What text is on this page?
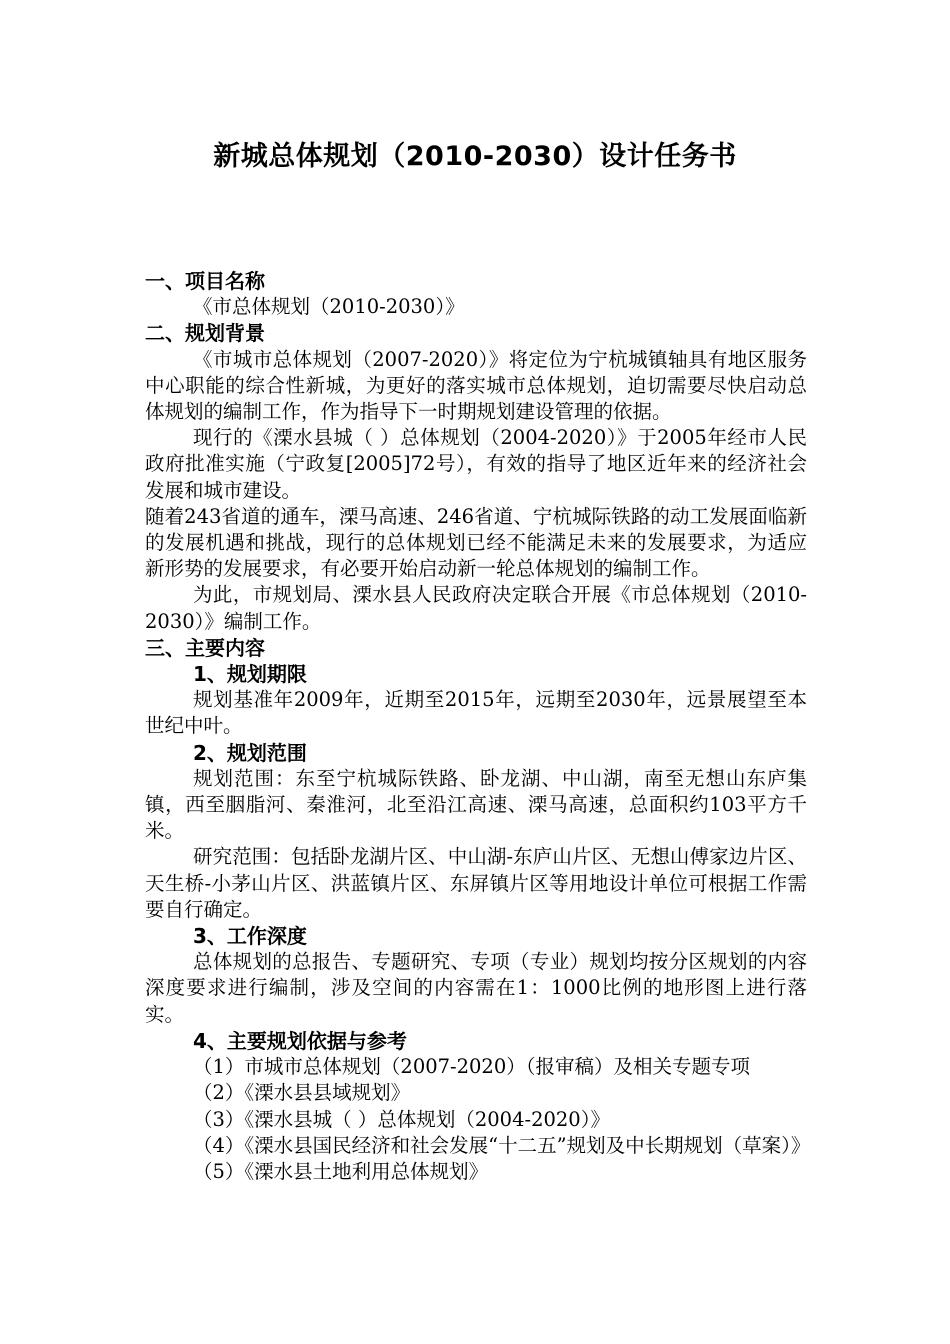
新城总体规划（2010-2030）设计任务书

一、项目名称

《市总体规划（2010-2030）》

二、规划背景

《市城市总体规划（2007-2020）》将定位为宁杭城镇轴具有地区服务中心职能的综合性新城，为更好的落实城市总体规划，迫切需要尽快启动总体规划的编制工作，作为指导下一时期规划建设管理的依据。

现行的《溧水县城（ ）总体规划（2004-2020）》于2005年经市人民政府批准实施（宁政复[2005]72号），有效的指导了地区近年来的经济社会发展和城市建设。

随着243省道的通车，溧马高速、246省道、宁杭城际铁路的动工发展面临新的发展机遇和挑战，现行的总体规划已经不能满足未来的发展要求，为适应新形势的发展要求，有必要开始启动新一轮总体规划的编制工作。

为此，市规划局、溧水县人民政府决定联合开展《市总体规划（2010-2030）》编制工作。

三、主要内容

1、规划期限

规划基准年2009年，近期至2015年，远期至2030年，远景展望至本世纪中叶。

2、规划范围

规划范围：东至宁杭城际铁路、卧龙湖、中山湖，南至无想山东庐集镇，西至胭脂河、秦淮河，北至沿江高速、溧马高速，总面积约103平方千米。

研究范围：包括卧龙湖片区、中山湖-东庐山片区、无想山傅家边片区、天生桥-小茅山片区、洪蓝镇片区、东屏镇片区等用地设计单位可根据工作需要自行确定。

3、工作深度

总体规划的总报告、专题研究、专项（专业）规划均按分区规划的内容深度要求进行编制，涉及空间的内容需在1：1000比例的地形图上进行落实。

4、主要规划依据与参考

（1）市城市总体规划（2007-2020）（报审稿）及相关专题专项

（2）《溧水县县域规划》

（3）《溧水县城（ ）总体规划（2004-2020）》

（4）《溧水县国民经济和社会发展“十二五”规划及中长期规划（草案）》

（5）《溧水县土地利用总体规划》
